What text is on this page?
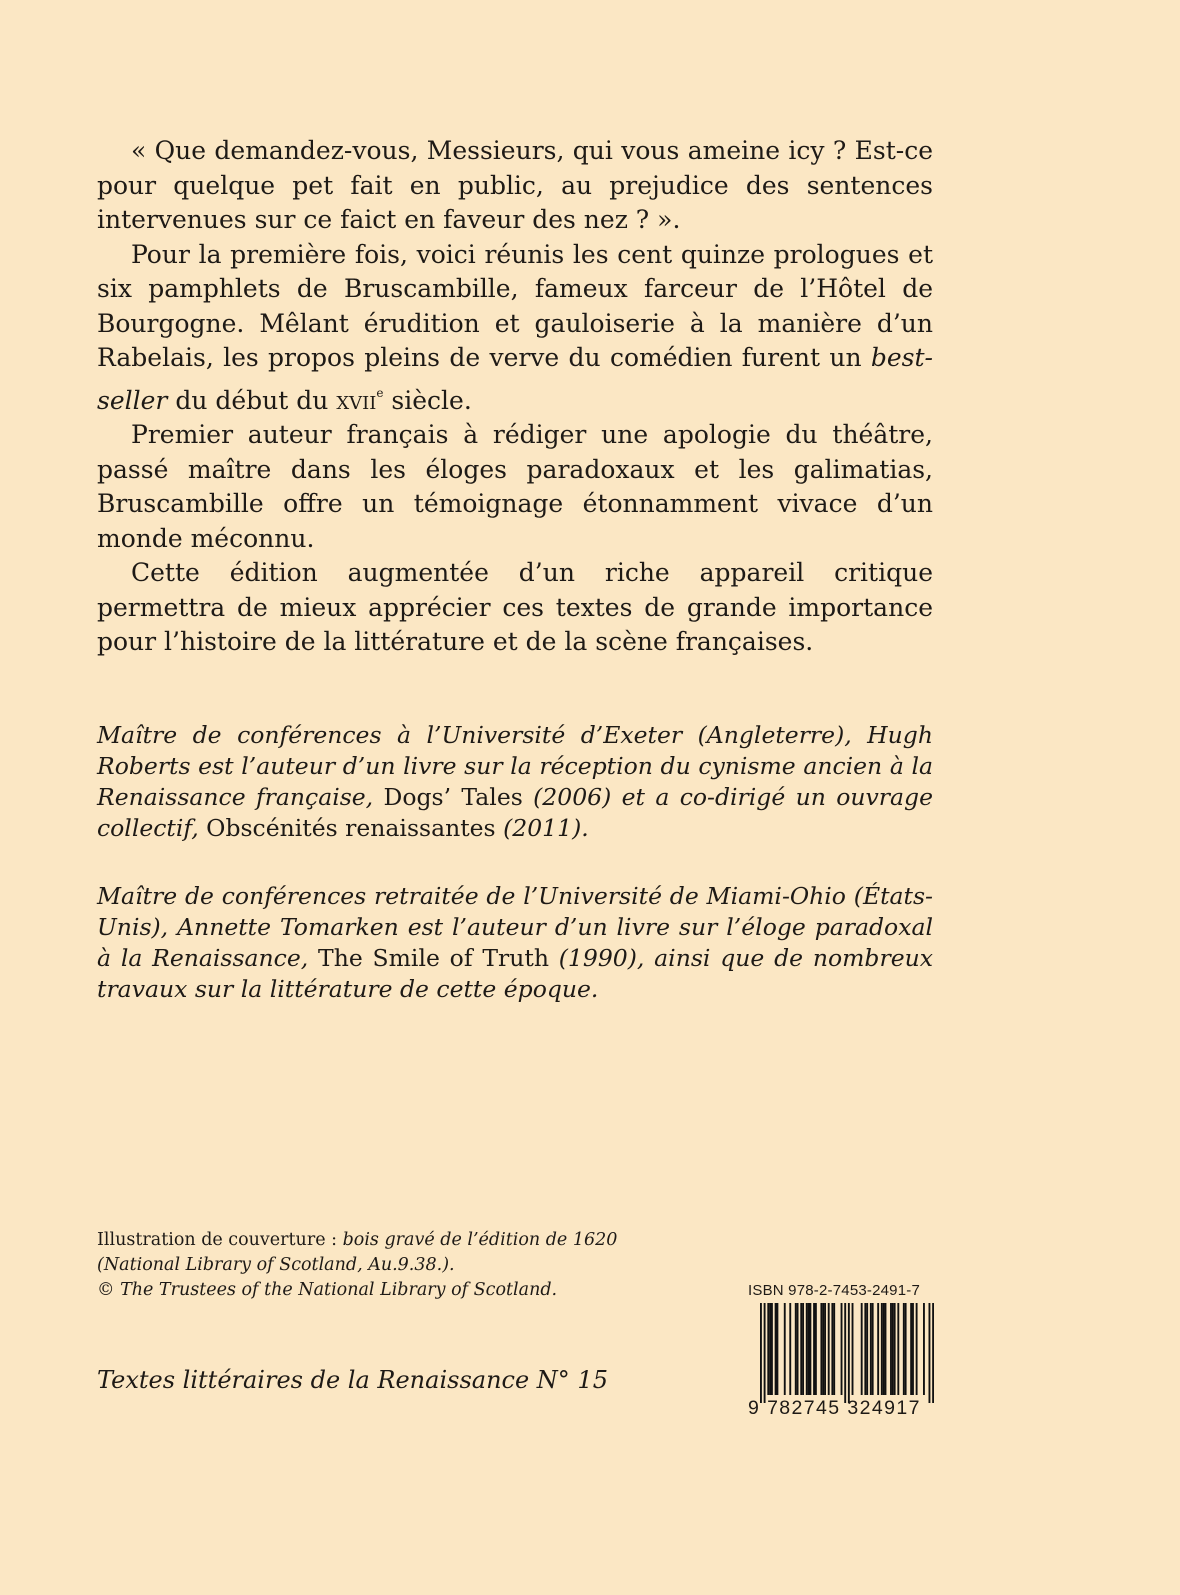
« Que demandez-vous, Messieurs, qui vous ameine icy ? Est-ce pour quelque pet fait en public, au prejudice des sentences intervenues sur ce faict en faveur des nez ? ».

Pour la première fois, voici réunis les cent quinze prologues et six pamphlets de Bruscambille, fameux farceur de l’Hôtel de Bourgogne. Mêlant érudition et gauloiserie à la manière d’un Rabelais, les propos pleins de verve du comédien furent un best-seller du début du xvii$^e$ siècle.

Premier auteur français à rédiger une apologie du théâtre, passé maître dans les éloges paradoxaux et les galimatias, Bruscambille offre un témoignage étonnamment vivace d’un monde méconnu.

Cette édition augmentée d’un riche appareil critique permettra de mieux apprécier ces textes de grande importance pour l’histoire de la littérature et de la scène françaises.

Maître de conférences à l’Université d’Exeter (Angleterre), Hugh Roberts est l’auteur d’un livre sur la réception du cynisme ancien à la Renaissance française, Dogs’ Tales (2006) et a co-dirigé un ouvrage collectif, Obscénités renaissantes (2011).

Maître de conférences retraitée de l’Université de Miami-Ohio (États-Unis), Annette Tomarken est l’auteur d’un livre sur l’éloge paradoxal à la Renaissance, The Smile of Truth (1990), ainsi que de nombreux travaux sur la littérature de cette époque.

Illustration de couverture : bois gravé de l’édition de 1620
(National Library of Scotland, Au.9.38.).
© The Trustees of the National Library of Scotland.
Textes littéraires de la Renaissance N° 15
ISBN 978-2-7453-2491-7
9 782745 324917
